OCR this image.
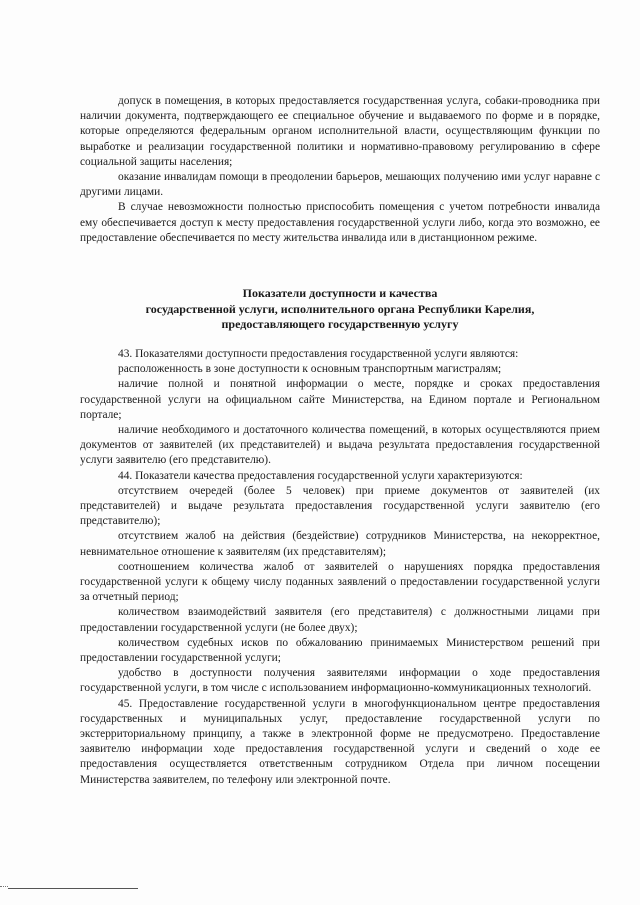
допуск в помещения, в которых предоставляется государственная услуга, собаки-проводника при наличии документа, подтверждающего ее специальное обучение и выдаваемого по форме и в порядке, которые определяются федеральным органом исполнительной власти, осуществляющим функции по выработке и реализации государственной политики и нормативно-правовому регулированию в сфере социальной защиты населения;

оказание инвалидам помощи в преодолении барьеров, мешающих получению ими услуг наравне с другими лицами.

В случае невозможности полностью приспособить помещения с учетом потребности инвалида ему обеспечивается доступ к месту предоставления государственной услуги либо, когда это возможно, ее предоставление обеспечивается по месту жительства инвалида или в дистанционном режиме.

Показатели доступности и качества
государственной услуги, исполнительного органа Республики Карелия,
предоставляющего государственную услугу

43. Показателями доступности предоставления государственной услуги являются:

расположенность в зоне доступности к основным транспортным магистралям;

наличие полной и понятной информации о месте, порядке и сроках предоставления государственной услуги на официальном сайте Министерства, на Едином портале и Региональном портале;

наличие необходимого и достаточного количества помещений, в которых осуществляются прием документов от заявителей (их представителей) и выдача результата предоставления государственной услуги заявителю (его представителю).

44. Показатели качества предоставления государственной услуги характеризуются:

отсутствием очередей (более 5 человек) при приеме документов от заявителей (их представителей) и выдаче результата предоставления государственной услуги заявителю (его представителю);

отсутствием жалоб на действия (бездействие) сотрудников Министерства, на некорректное, невнимательное отношение к заявителям (их представителям);

соотношением количества жалоб от заявителей о нарушениях порядка предоставления государственной услуги к общему числу поданных заявлений о предоставлении государственной услуги за отчетный период;

количеством взаимодействий заявителя (его представителя) с должностными лицами при предоставлении государственной услуги (не более двух);

количеством судебных исков по обжалованию принимаемых Министерством решений при предоставлении государственной услуги;

удобство в доступности получения заявителями информации о ходе предоставления государственной услуги, в том числе с использованием информационно-коммуникационных технологий.

45. Предоставление государственной услуги в многофункциональном центре предоставления государственных и муниципальных услуг, предоставление государственной услуги по экстерриториальному принципу, а также в электронной форме не предусмотрено. Предоставление заявителю информации ходе предоставления государственной услуги и сведений о ходе ее предоставления осуществляется ответственным сотрудником Отдела при личном посещении Министерства заявителем, по телефону или электронной почте.
